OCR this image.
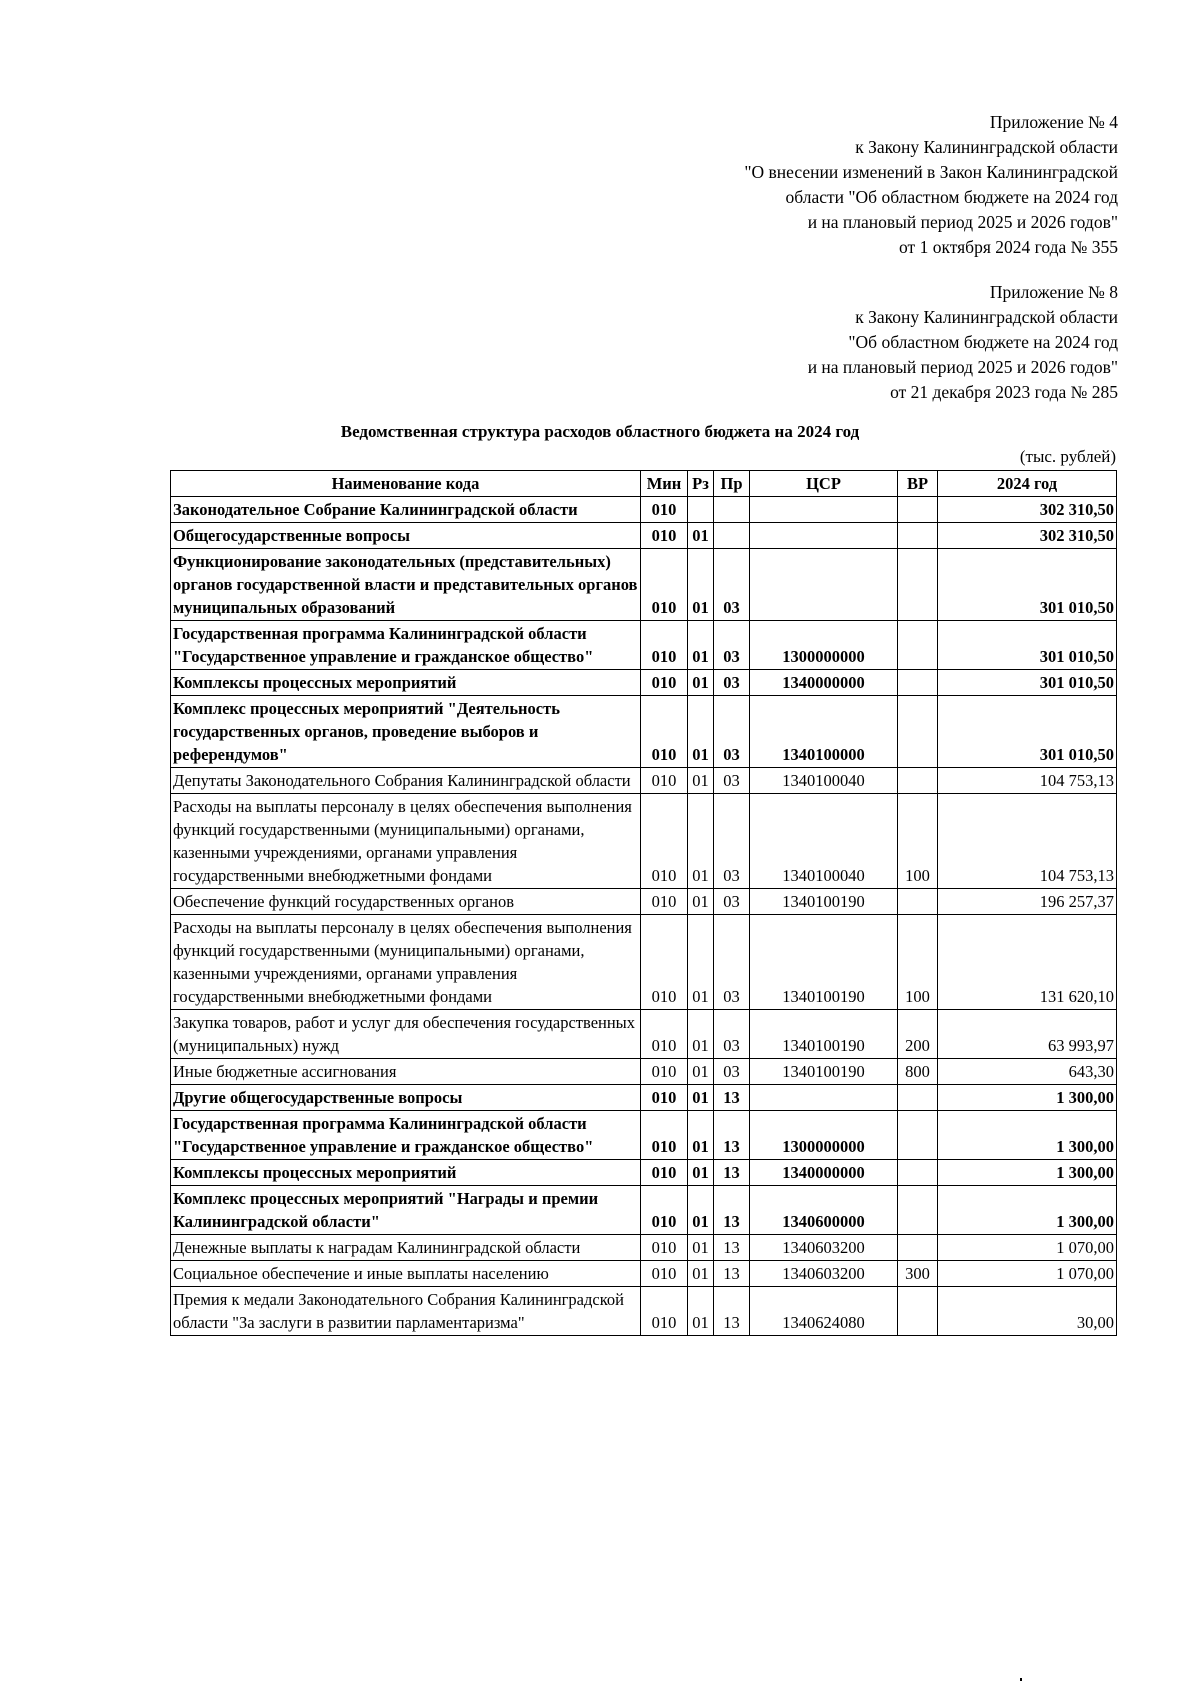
Приложение № 4
к Закону Калининградской области
"О внесении изменений в Закон Калининградской
области "Об областном бюджете на 2024 год
и на плановый период 2025 и 2026 годов"
от 1 октября 2024 года № 355
Приложение № 8
к Закону Калининградской области
"Об областном бюджете на 2024 год
и на плановый период 2025 и 2026 годов"
от 21 декабря 2023 года № 285
Ведомственная структура расходов областного бюджета на 2024 год
(тыс. рублей)
Наименование кода	Мин	Рз	Пр	ЦСР	ВР	2024 год
Законодательное Собрание Калининградской области	010					302 310,50
Общегосударственные вопросы	010	01				302 310,50
Функционирование законодательных (представительных) органов государственной власти и представительных органов муниципальных образований	010	01	03			301 010,50
Государственная программа Калининградской области "Государственное управление и гражданское общество"	010	01	03	1300000000		301 010,50
Комплексы процессных мероприятий	010	01	03	1340000000		301 010,50
Комплекс процессных мероприятий "Деятельность государственных органов, проведение выборов и референдумов"	010	01	03	1340100000		301 010,50
Депутаты Законодательного Собрания Калининградской области	010	01	03	1340100040		104 753,13
Расходы на выплаты персоналу в целях обеспечения выполнения функций государственными (муниципальными) органами, казенными учреждениями, органами управления государственными внебюджетными фондами	010	01	03	1340100040	100	104 753,13
Обеспечение функций государственных органов	010	01	03	1340100190		196 257,37
Расходы на выплаты персоналу в целях обеспечения выполнения функций государственными (муниципальными) органами, казенными учреждениями, органами управления государственными внебюджетными фондами	010	01	03	1340100190	100	131 620,10
Закупка товаров, работ и услуг для обеспечения государственных (муниципальных) нужд	010	01	03	1340100190	200	63 993,97
Иные бюджетные ассигнования	010	01	03	1340100190	800	643,30
Другие общегосударственные вопросы	010	01	13			1 300,00
Государственная программа Калининградской области "Государственное управление и гражданское общество"	010	01	13	1300000000		1 300,00
Комплексы процессных мероприятий	010	01	13	1340000000		1 300,00
Комплекс процессных мероприятий "Награды и премии Калининградской области"	010	01	13	1340600000		1 300,00
Денежные выплаты к наградам Калининградской области	010	01	13	1340603200		1 070,00
Социальное обеспечение и иные выплаты населению	010	01	13	1340603200	300	1 070,00
Премия к медали Законодательного Собрания Калининградской области "За заслуги в развитии парламентаризма"	010	01	13	1340624080		30,00
